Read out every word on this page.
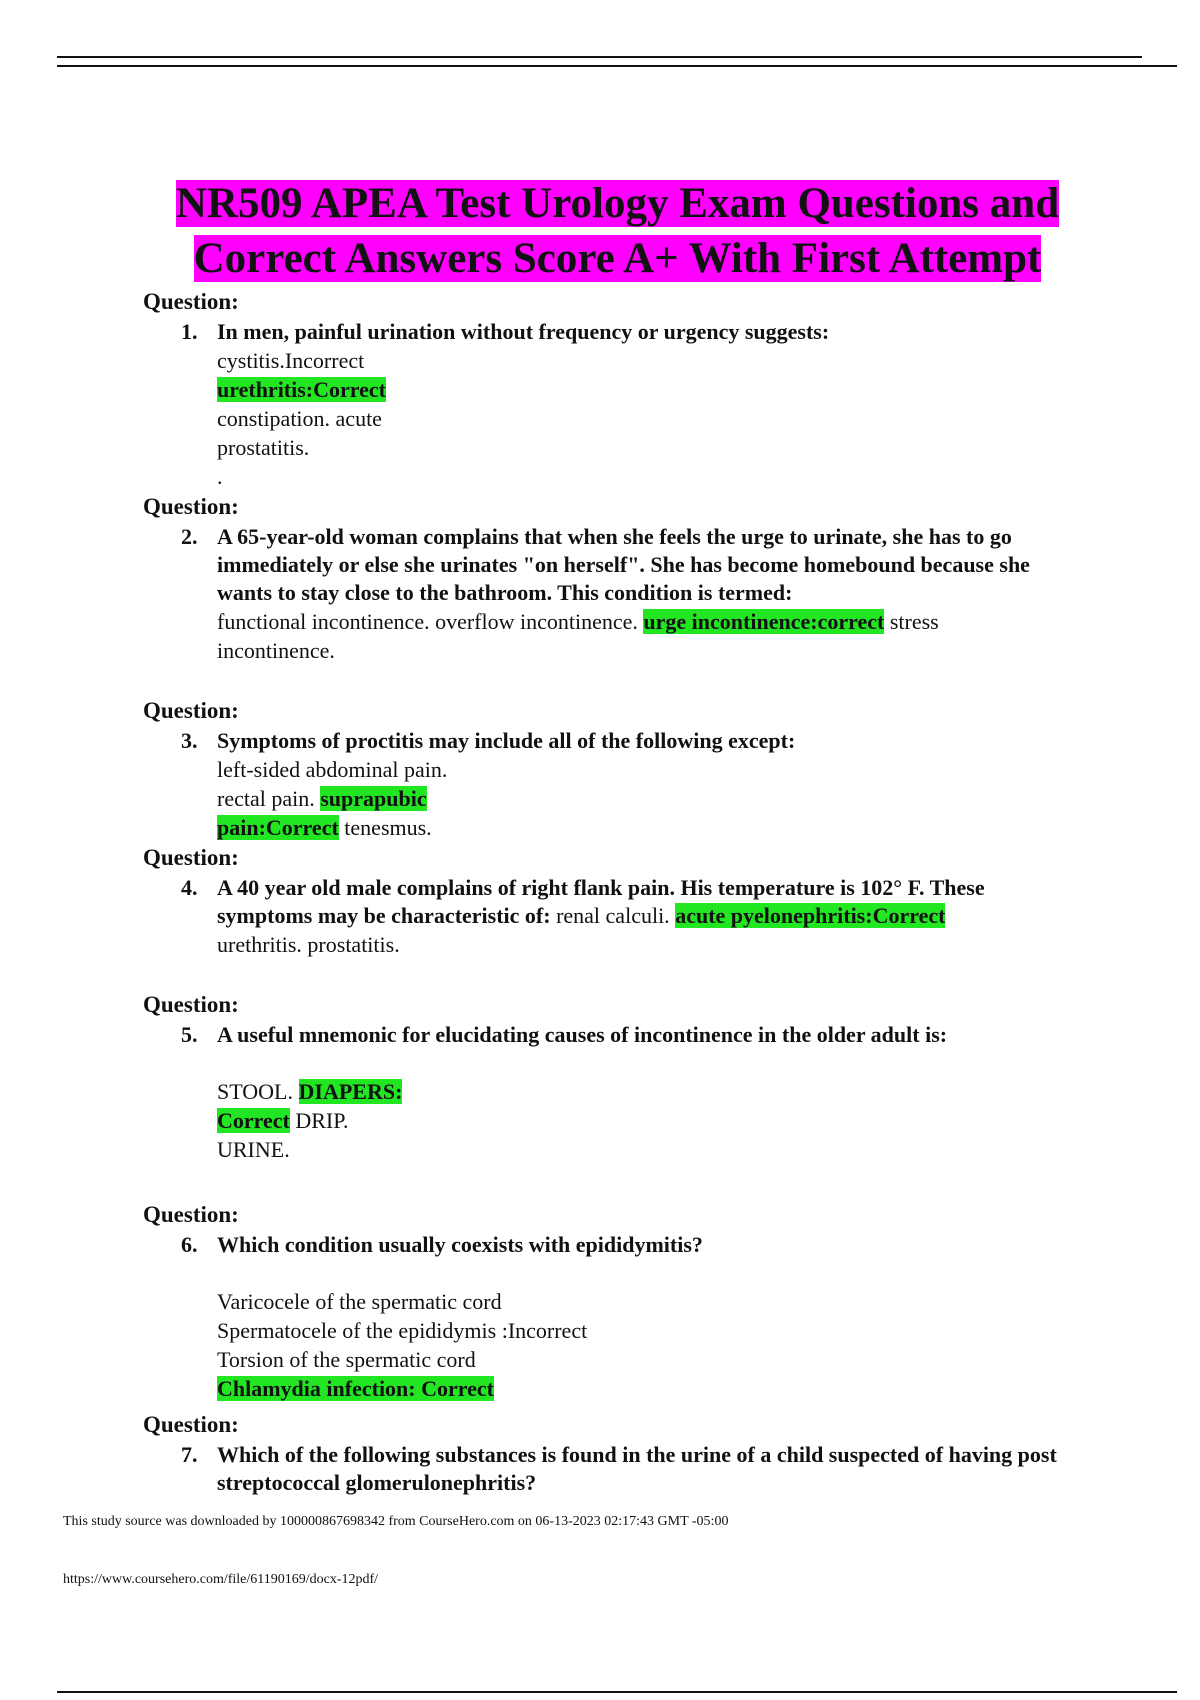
NR509 APEA Test Urology Exam Questions and
Correct Answers Score A+ With First Attempt
Question:
1. In men, painful urination without frequency or urgency suggests:
cystitis.Incorrect
urethritis:Correct
constipation. acute
prostatitis.
.
Question:
2. A 65-year-old woman complains that when she feels the urge to urinate, she has to go immediately or else she urinates "on herself". She has become homebound because she wants to stay close to the bathroom. This condition is termed:
functional incontinence. overflow incontinence. urge incontinence:correct stress
incontinence.
Question:
3. Symptoms of proctitis may include all of the following except:
left-sided abdominal pain.
rectal pain. suprapubic
pain:Correct tenesmus.
Question:
4. A 40 year old male complains of right flank pain. His temperature is 102° F. These symptoms may be characteristic of: renal calculi. acute pyelonephritis:Correct
urethritis. prostatitis.
Question:
5. A useful mnemonic for elucidating causes of incontinence in the older adult is:
STOOL. DIAPERS:
Correct DRIP.
URINE.
Question:
6. Which condition usually coexists with epididymitis?
Varicocele of the spermatic cord
Spermatocele of the epididymis :Incorrect
Torsion of the spermatic cord
Chlamydia infection: Correct
Question:
7. Which of the following substances is found in the urine of a child suspected of having post streptococcal glomerulonephritis?
This study source was downloaded by 100000867698342 from CourseHero.com on 06-13-2023 02:17:43 GMT -05:00
https://www.coursehero.com/file/61190169/docx-12pdf/
